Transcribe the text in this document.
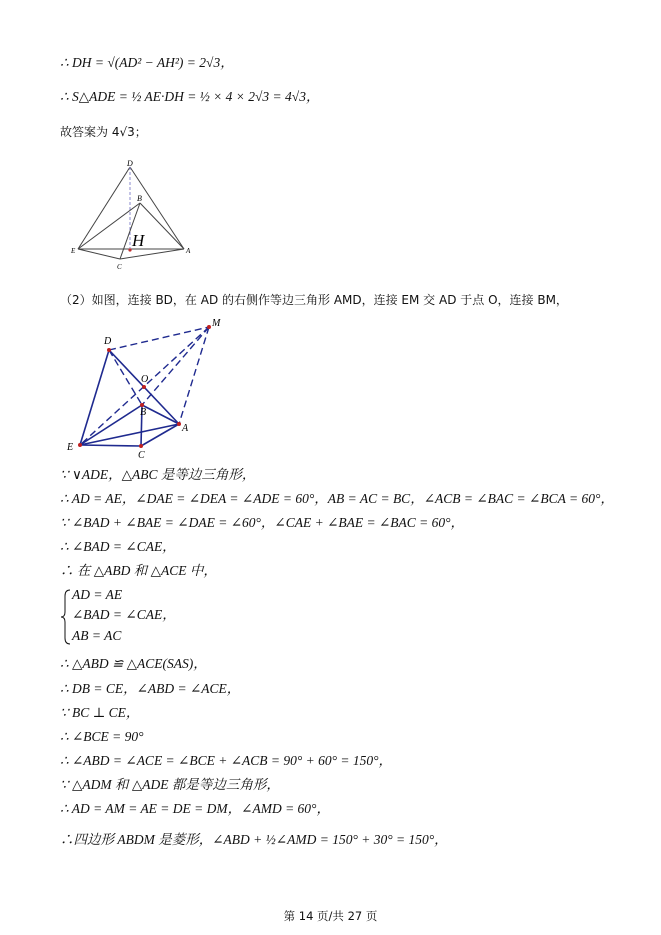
∴ DH = √(AD² − AH²) = 2√3，
∴ S△ADE = ½ AE·DH = ½ × 4 × 2√3 = 4√3，
故答案为 4√3；
D
B
H
E	A
C
（2）如图，连接 BD，在 AD 的右侧作等边三角形 AMD，连接 EM 交 AD 于点 O，连接 BM，
D
M
O
B
A
E
C
∵ ∨ADE，△ABC 是等边三角形，
∴ AD = AE，∠DAE = ∠DEA = ∠ADE = 60°，AB = AC = BC，∠ACB = ∠BAC = ∠BCA = 60°，
∵ ∠BAD + ∠BAE = ∠DAE = ∠60°，∠CAE + ∠BAE = ∠BAC = 60°，
∴ ∠BAD = ∠CAE，
∴ 在 △ABD 和 △ACE 中，
AD = AE
∠BAD = ∠CAE，
AB = AC
∴ △ABD ≌ △ACE(SAS)，
∴ DB = CE，∠ABD = ∠ACE，
∵ BC ⊥ CE，
∴ ∠BCE = 90°
∴ ∠ABD = ∠ACE = ∠BCE + ∠ACB = 90° + 60° = 150°，
∵ △ADM 和 △ADE 都是等边三角形，
∴ AD = AM = AE = DE = DM，∠AMD = 60°，
∴四边形 ABDM 是菱形，∠ABD + ½∠AMD = 150° + 30° = 150°，
第 14 页/共 27 页
